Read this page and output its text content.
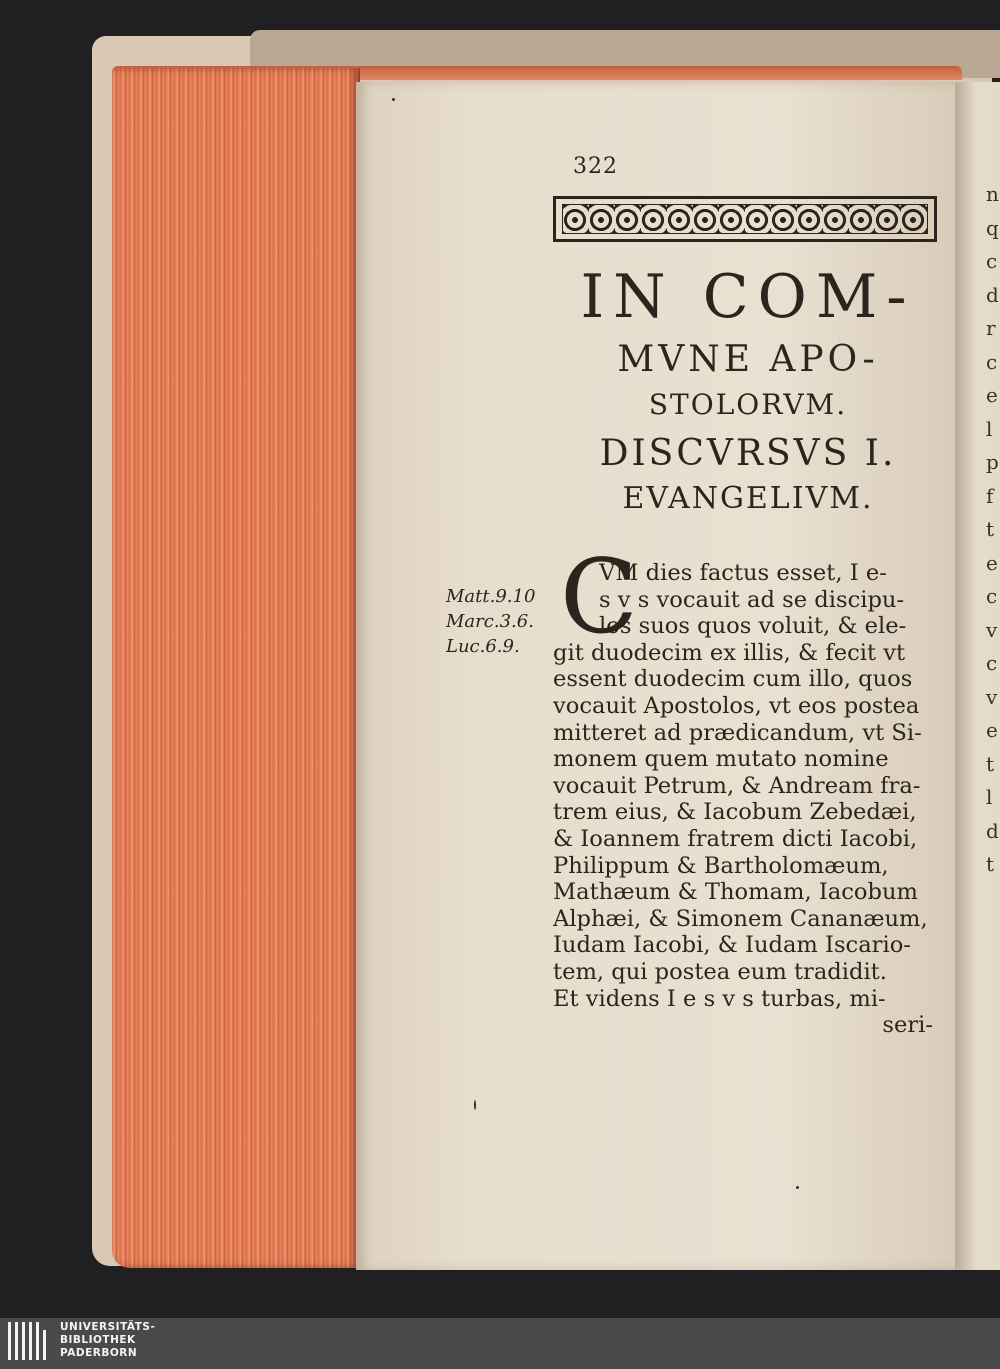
n
q
c
d
r
c
e
l
p
f
t
e
c
v
c
v
e
t
l
d
t
322
IN COM-
MVNE APO-
STOLORVM.
DISCVRSVS I.
EVANGELIVM.
Matt.9.10
Marc.3.6.
Luc.6.9. C
VM dies factus esset, I e-
s v s vocauit ad se discipu-
los suos quos voluit, & ele-
git duodecim ex illis, & fecit vt
essent duodecim cum illo, quos
vocauit Apostolos, vt eos postea
mitteret ad prædicandum, vt Si-
monem quem mutato nomine
vocauit Petrum, & Andream fra-
trem eius, & Iacobum Zebedæi,
& Ioannem fratrem dicti Iacobi,
Philippum & Bartholomæum,
Mathæum & Thomam, Iacobum
Alphæi, & Simonem Cananæum,
Iudam Iacobi, & Iudam Iscario-
tem, qui postea eum tradidit.
Et videns I e s v s turbas, mi-
seri-
UNIVERSITÄTS-
BIBLIOTHEK
PADERBORN
